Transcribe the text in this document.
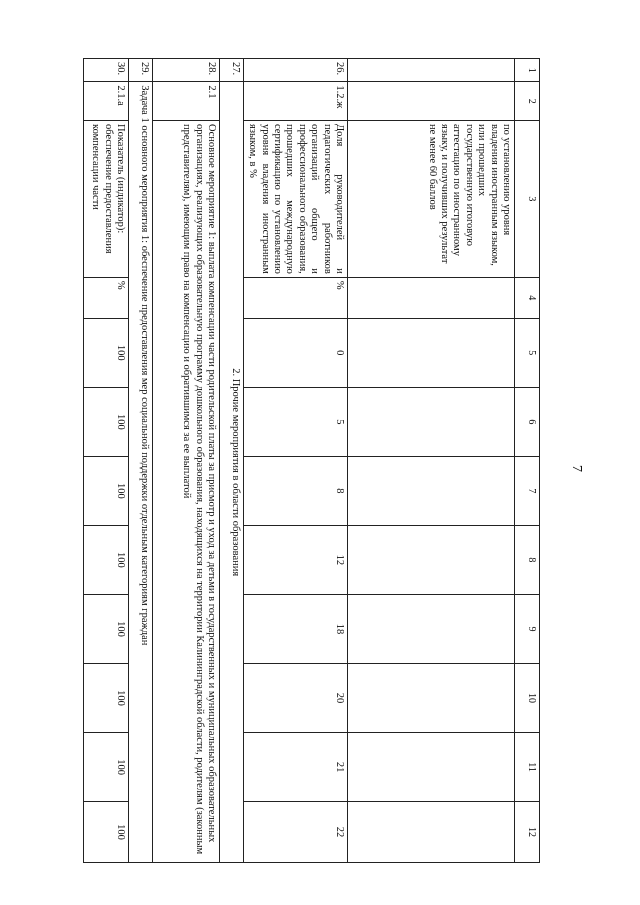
7
1	2	3	4	5	6	7	8	9	10	11	12
		по установлению уровня владения иностранным языком, или прошедших государственную итоговую аттестацию по иностранному языку, и получивших результат не менее 60 баллов									
26.	1.2.ж	Доля руководителей и педагогических работников организаций общего и профессионального образования, прошедших международную сертификацию по установлению уровня владения иностранным языком, в %	%	0	5	8	12	18	20	21	22
27.	2. Прочие мероприятия в области образования										
28.	2.1	Основное мероприятие 1: выплата компенсации части родительской платы за присмотр и уход за детьми в государственных и муниципальных образовательных организациях, реализующих образовательную программу дошкольного образования, находящихся на территории Калининградской области, родителям (законным представителям), имеющим право на компенсацию и обратившимся за ее выплатой									
29.	Задача 1 основного мероприятия 1: обеспечение предоставления мер социальной поддержки отдельным категориям граждан										
30.	2.1.а	Показатель (индикатор): обеспечение предоставления компенсации части	%	100	100	100	100	100	100	100	100
